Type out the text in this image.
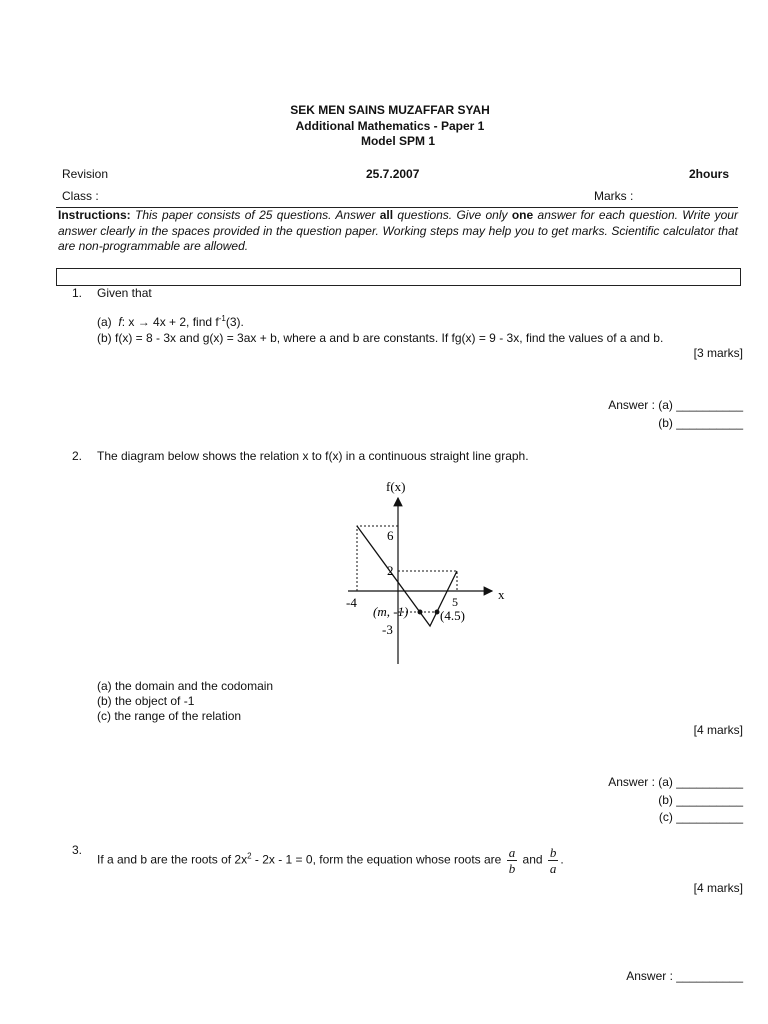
SEK MEN SAINS MUZAFFAR SYAH
Additional Mathematics - Paper 1
Model SPM 1
Revision	25.7.2007	2hours
Class :	Marks :
Instructions: This paper consists of 25 questions. Answer all questions. Give only one answer for each question. Write your answer clearly in the spaces provided in the question paper. Working steps may help you to get marks. Scientific calculator that are non-programmable are allowed.
1. Given that
(a) f: x → 4x + 2, find $f^{-1}(3)$.
(b) f(x) = 8 - 3x and g(x) = 3ax + b, where a and b are constants. If fg(x) = 9 - 3x, find the values of a and b.
[3 marks]
Answer : (a) __________
(b) __________
2. The diagram below shows the relation x to f(x) in a continuous straight line graph.
f(x)
x
6
2
-4	5
(m, -1) (4.5)
-3
(a) the domain and the codomain
(b) the object of -1
(c) the range of the relation
[4 marks]
Answer : (a) __________
(b) __________
(c) __________
3.
If a and b are the roots of $2x^2 - 2x - 1 = 0$, form the equation whose roots are $\frac{a}{b}$ and $\frac{b}{a}$ .
[4 marks]
Answer : __________
